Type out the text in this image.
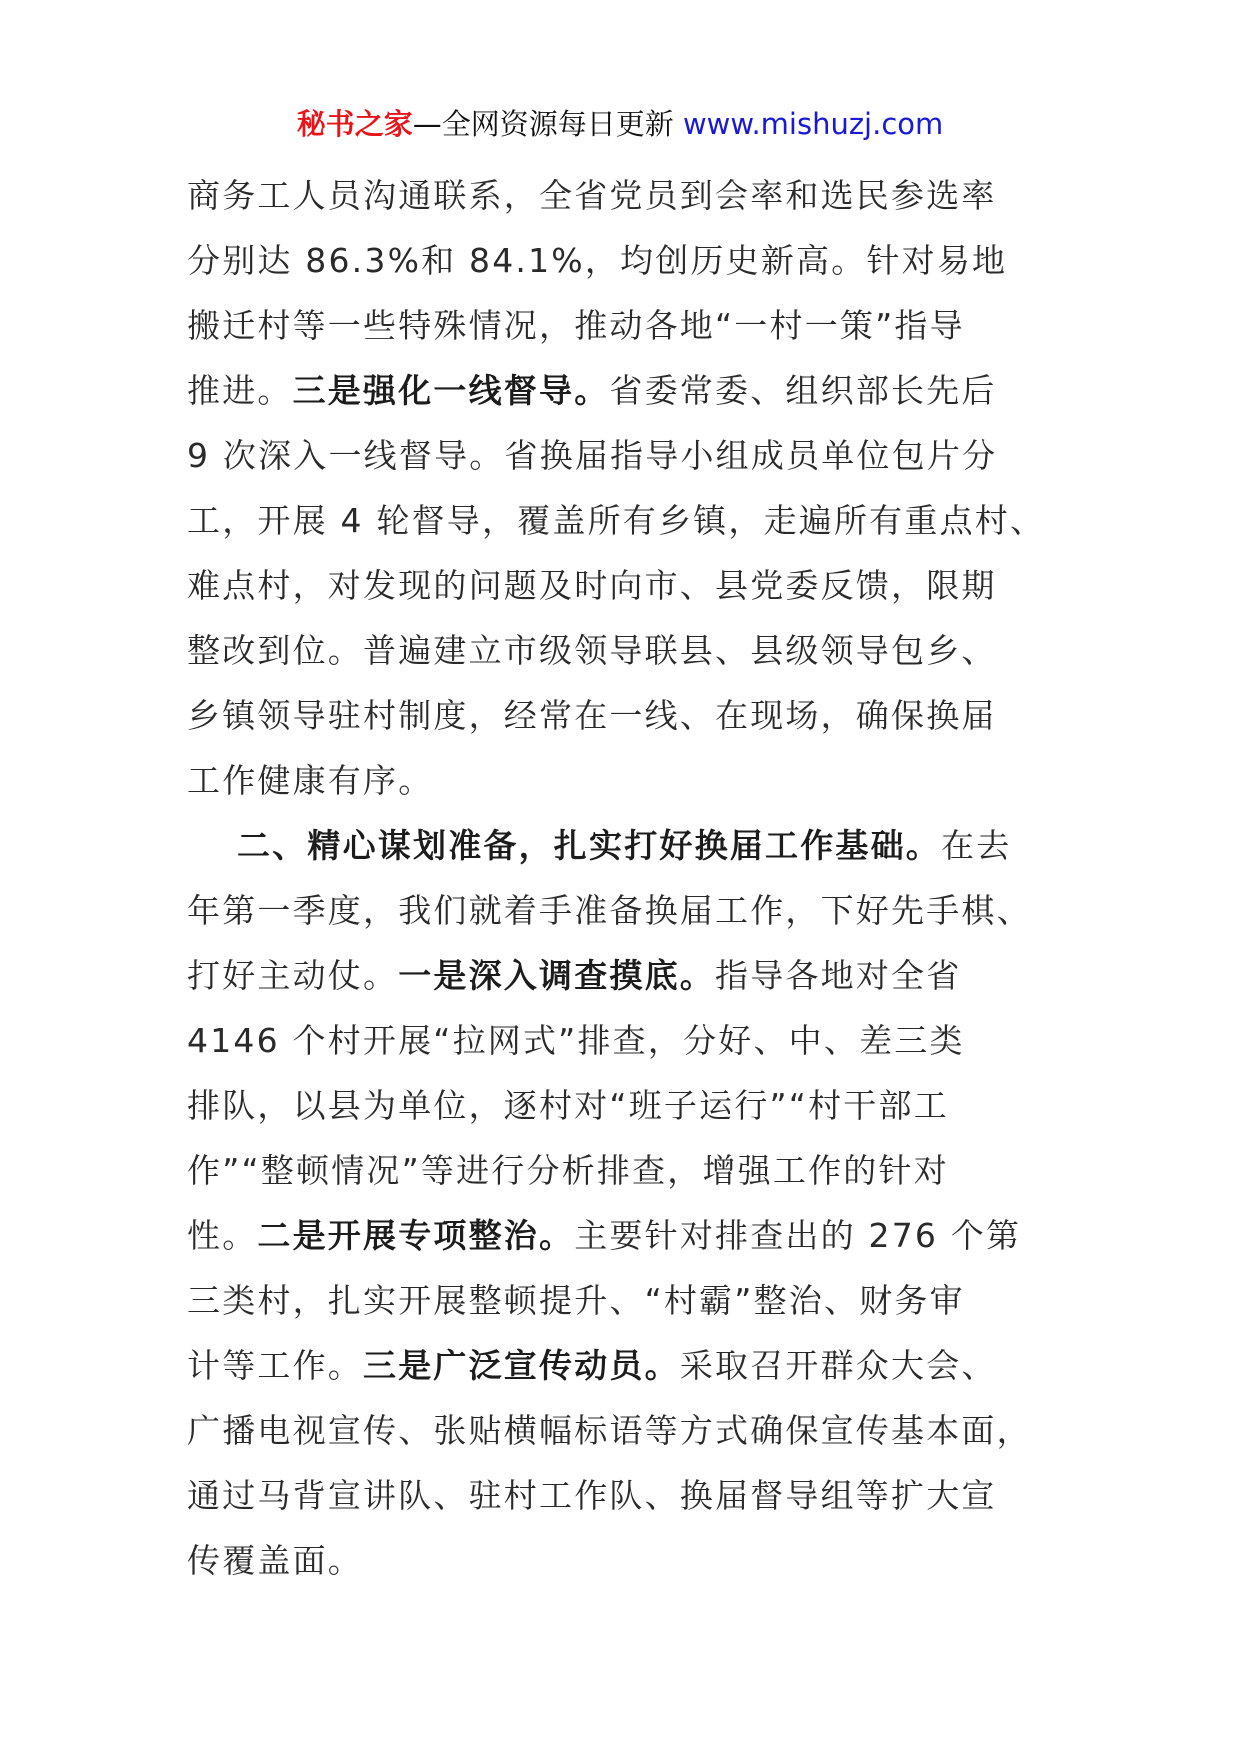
秘书之家—全网资源每日更新 www.mishuzj.com
商务工人员沟通联系，全省党员到会率和选民参选率
分别达 86.3%和 84.1%，均创历史新高。针对易地
搬迁村等一些特殊情况，推动各地“一村一策”指导
推进。三是强化一线督导。省委常委、组织部长先后
9 次深入一线督导。省换届指导小组成员单位包片分
工，开展 4 轮督导，覆盖所有乡镇，走遍所有重点村、
难点村，对发现的问题及时向市、县党委反馈，限期
整改到位。普遍建立市级领导联县、县级领导包乡、
乡镇领导驻村制度，经常在一线、在现场，确保换届
工作健康有序。
二、精心谋划准备，扎实打好换届工作基础。在去
年第一季度，我们就着手准备换届工作，下好先手棋、
打好主动仗。一是深入调查摸底。指导各地对全省
4146 个村开展“拉网式”排查，分好、中、差三类
排队，以县为单位，逐村对“班子运行”“村干部工
作”“整顿情况”等进行分析排查，增强工作的针对
性。二是开展专项整治。主要针对排查出的 276 个第
三类村，扎实开展整顿提升、“村霸”整治、财务审
计等工作。三是广泛宣传动员。采取召开群众大会、
广播电视宣传、张贴横幅标语等方式确保宣传基本面，
通过马背宣讲队、驻村工作队、换届督导组等扩大宣
传覆盖面。
